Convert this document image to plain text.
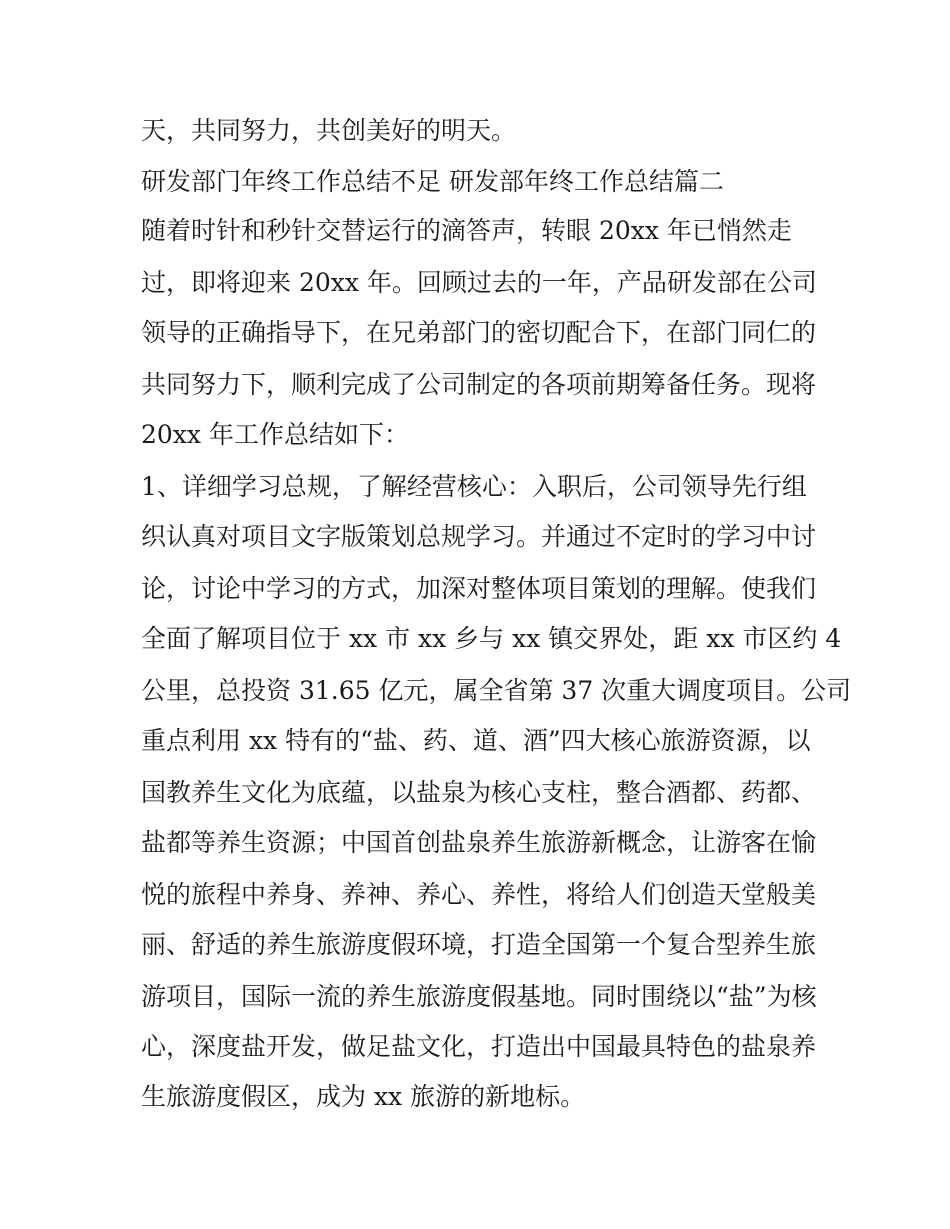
天，共同努力，共创美好的明天。
研发部门年终工作总结不足 研发部年终工作总结篇二
随着时针和秒针交替运行的滴答声，转眼 20xx 年已悄然走
过，即将迎来 20xx 年。回顾过去的一年，产品研发部在公司
领导的正确指导下，在兄弟部门的密切配合下，在部门同仁的
共同努力下，顺利完成了公司制定的各项前期筹备任务。现将
20xx 年工作总结如下：
1、详细学习总规，了解经营核心：入职后，公司领导先行组
织认真对项目文字版策划总规学习。并通过不定时的学习中讨
论，讨论中学习的方式，加深对整体项目策划的理解。使我们
全面了解项目位于 xx 市 xx 乡与 xx 镇交界处，距 xx 市区约 4
公里，总投资 31.65 亿元，属全省第 37 次重大调度项目。公司
重点利用 xx 特有的“盐、药、道、酒”四大核心旅游资源，以
国教养生文化为底蕴，以盐泉为核心支柱，整合酒都、药都、
盐都等养生资源；中国首创盐泉养生旅游新概念，让游客在愉
悦的旅程中养身、养神、养心、养性，将给人们创造天堂般美
丽、舒适的养生旅游度假环境，打造全国第一个复合型养生旅
游项目，国际一流的养生旅游度假基地。同时围绕以“盐”为核
心，深度盐开发，做足盐文化，打造出中国最具特色的盐泉养
生旅游度假区，成为 xx 旅游的新地标。
